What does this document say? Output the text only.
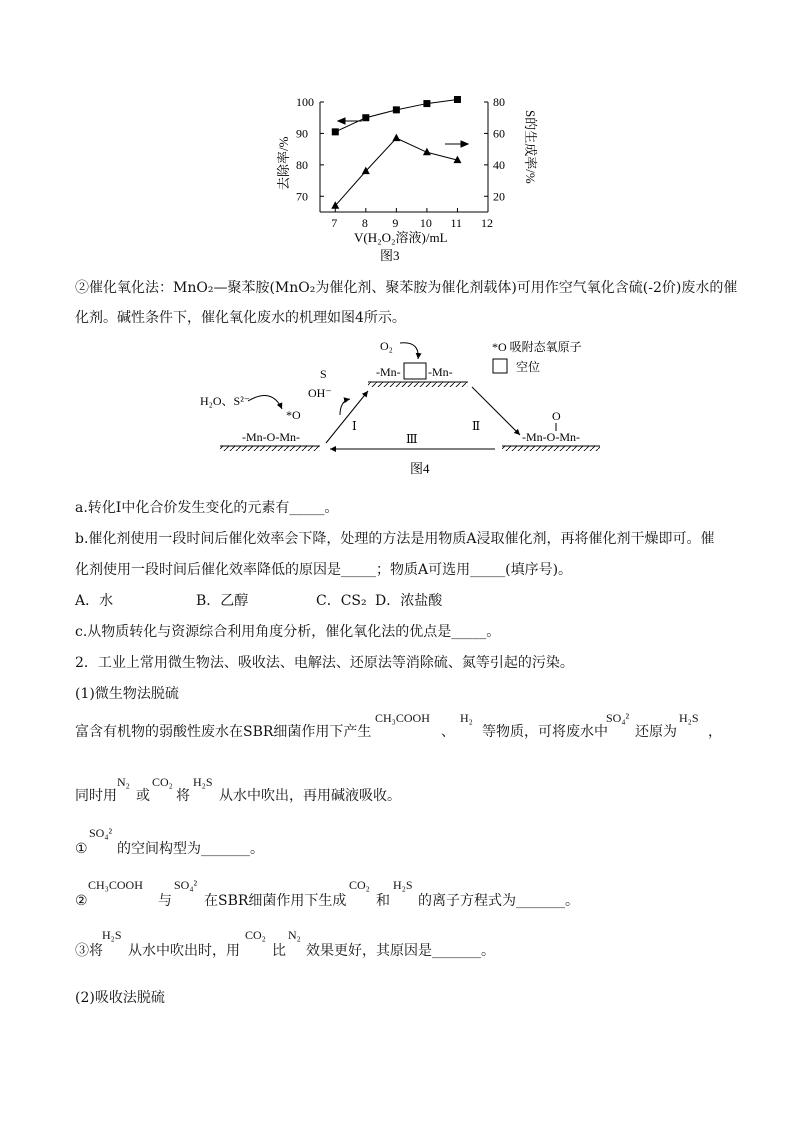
100
90
80
70
80
60
40
20
7 8 9 10 11 12
去除率/%	S的生成率/%
V(H₂O₂溶液)/mL
图3
②催化氧化法：MnO₂—聚苯胺(MnO₂为催化剂、聚苯胺为催化剂载体)可用作空气氧化含硫(-2价)废水的催
化剂。碱性条件下，催化氧化废水的机理如图4所示。
H₂O、S²⁻
*O
-Mn-O-Mn-
S
OH⁻
O₂
-Mn- -Mn-
O
-Mn-O-Mn-
*O 吸附态氧原子
空位
Ⅰ	Ⅱ
Ⅲ
图4
a.转化Ⅰ中化合价发生变化的元素有_____。
b.催化剂使用一段时间后催化效率会下降，处理的方法是用物质A浸取催化剂，再将催化剂干燥即可。催
化剂使用一段时间后催化效率降低的原因是_____；物质A可选用_____(填序号)。
A．水	B．乙醇	C．CS₂ D．浓盐酸
c.从物质转化与资源综合利用角度分析，催化氧化法的优点是_____。
2．工业上常用微生物法、吸收法、电解法、还原法等消除硫、氮等引起的污染。
(1)微生物法脱硫
富含有机物的弱酸性废水在SBR细菌作用下产生
CH₃COOH
、
H₂
等物质，可将废水中
SO₄²
还原为
H₂S
，
同时用
N₂
或
CO₂
将
H₂S
从水中吹出，再用碱液吸收。
①
SO₄²
的空间构型为_______。
②
CH₃COOH
与
SO₄²
在SBR细菌作用下生成
CO₂
和
H₂S
的离子方程式为_______。
③将
H₂S
从水中吹出时，用
CO₂
比
N₂
效果更好，其原因是_______。
(2)吸收法脱硫
